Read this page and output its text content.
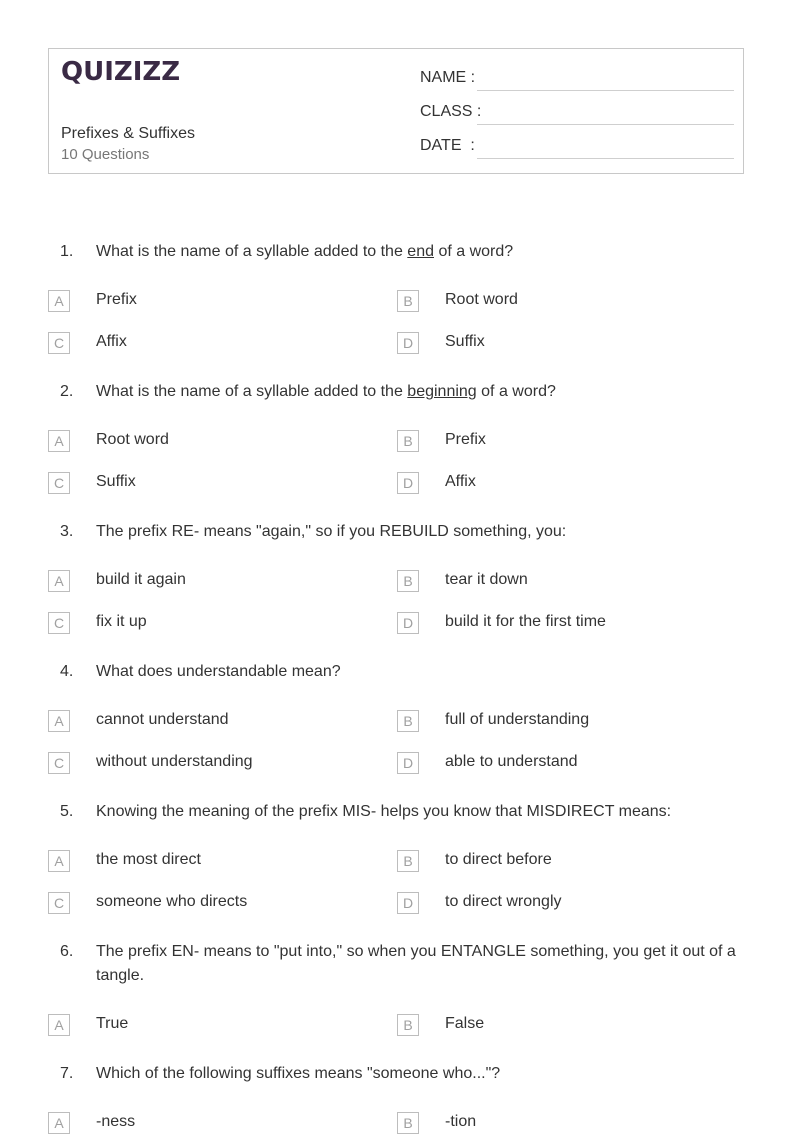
QUIZIZZ
Prefixes & Suffixes
10 Questions
NAME :
CLASS :
DATE  :
1. What is the name of a syllable added to the end of a word?
A	Prefix	B	Root word
C	Affix	D	Suffix
2. What is the name of a syllable added to the beginning of a word?
A	Root word	B	Prefix
C	Suffix	D	Affix
3. The prefix RE- means "again," so if you REBUILD something, you:
A	build it again	B	tear it down
C	fix it up	D	build it for the first time
4. What does understandable mean?
A	cannot understand	B	full of understanding
C	without understanding	D	able to understand
5. Knowing the meaning of the prefix MIS- helps you know that MISDIRECT means:
A	the most direct	B	to direct before
C	someone who directs	D	to direct wrongly
6. The prefix EN- means to "put into," so when you ENTANGLE something, you get it out of a tangle.
A	True	B	False
7. Which of the following suffixes means "someone who..."?
A	-ness	B	-tion
